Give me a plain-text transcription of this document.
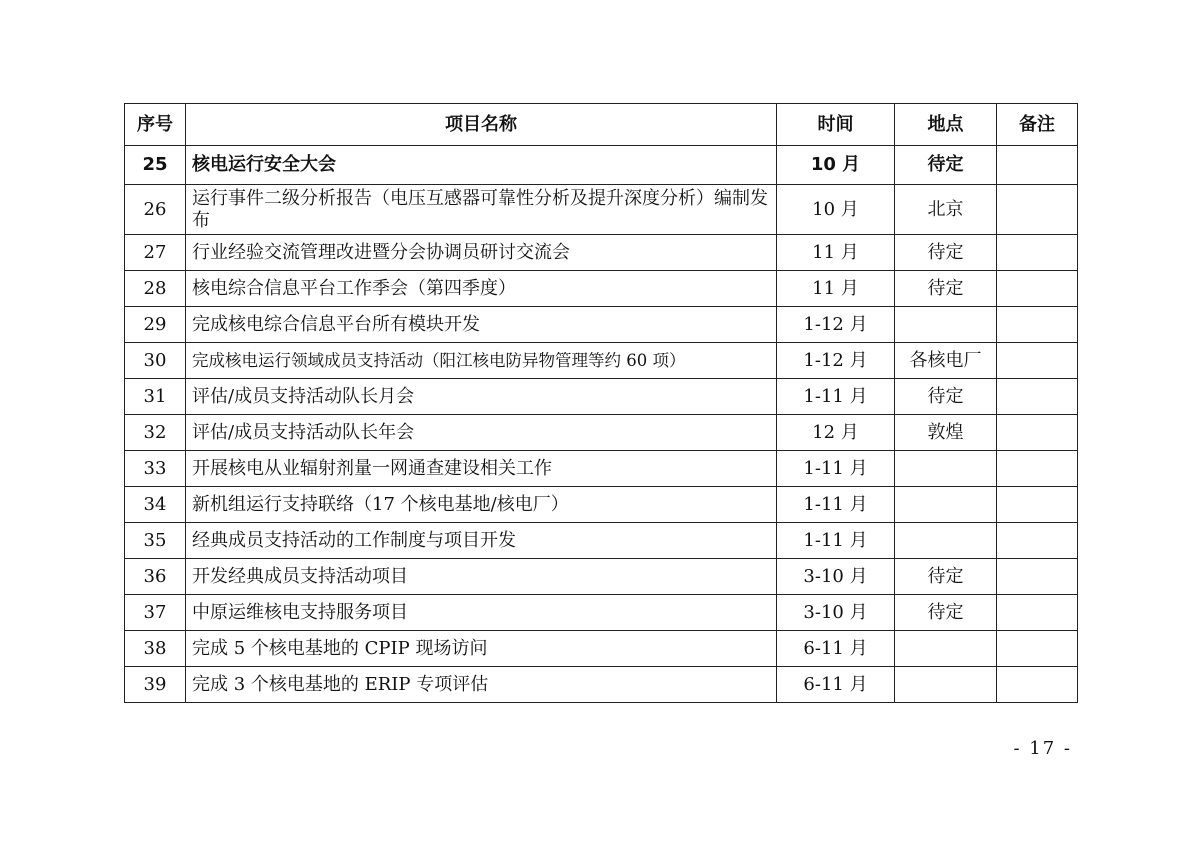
序号	项目名称	时间	地点	备注
25	核电运行安全大会	10 月	待定	
26	运行事件二级分析报告（电压互感器可靠性分析及提升深度分析）编制发布	10 月	北京	
27	行业经验交流管理改进暨分会协调员研讨交流会	11 月	待定	
28	核电综合信息平台工作季会（第四季度）	11 月	待定	
29	完成核电综合信息平台所有模块开发	1-12 月		
30	完成核电运行领域成员支持活动（阳江核电防异物管理等约 60 项）	1-12 月	各核电厂	
31	评估/成员支持活动队长月会	1-11 月	待定	
32	评估/成员支持活动队长年会	12 月	敦煌	
33	开展核电从业辐射剂量一网通查建设相关工作	1-11 月		
34	新机组运行支持联络（17 个核电基地/核电厂）	1-11 月		
35	经典成员支持活动的工作制度与项目开发	1-11 月		
36	开发经典成员支持活动项目	3-10 月	待定	
37	中原运维核电支持服务项目	3-10 月	待定	
38	完成 5 个核电基地的 CPIP 现场访问	6-11 月		
39	完成 3 个核电基地的 ERIP 专项评估	6-11 月		
- 17 -
